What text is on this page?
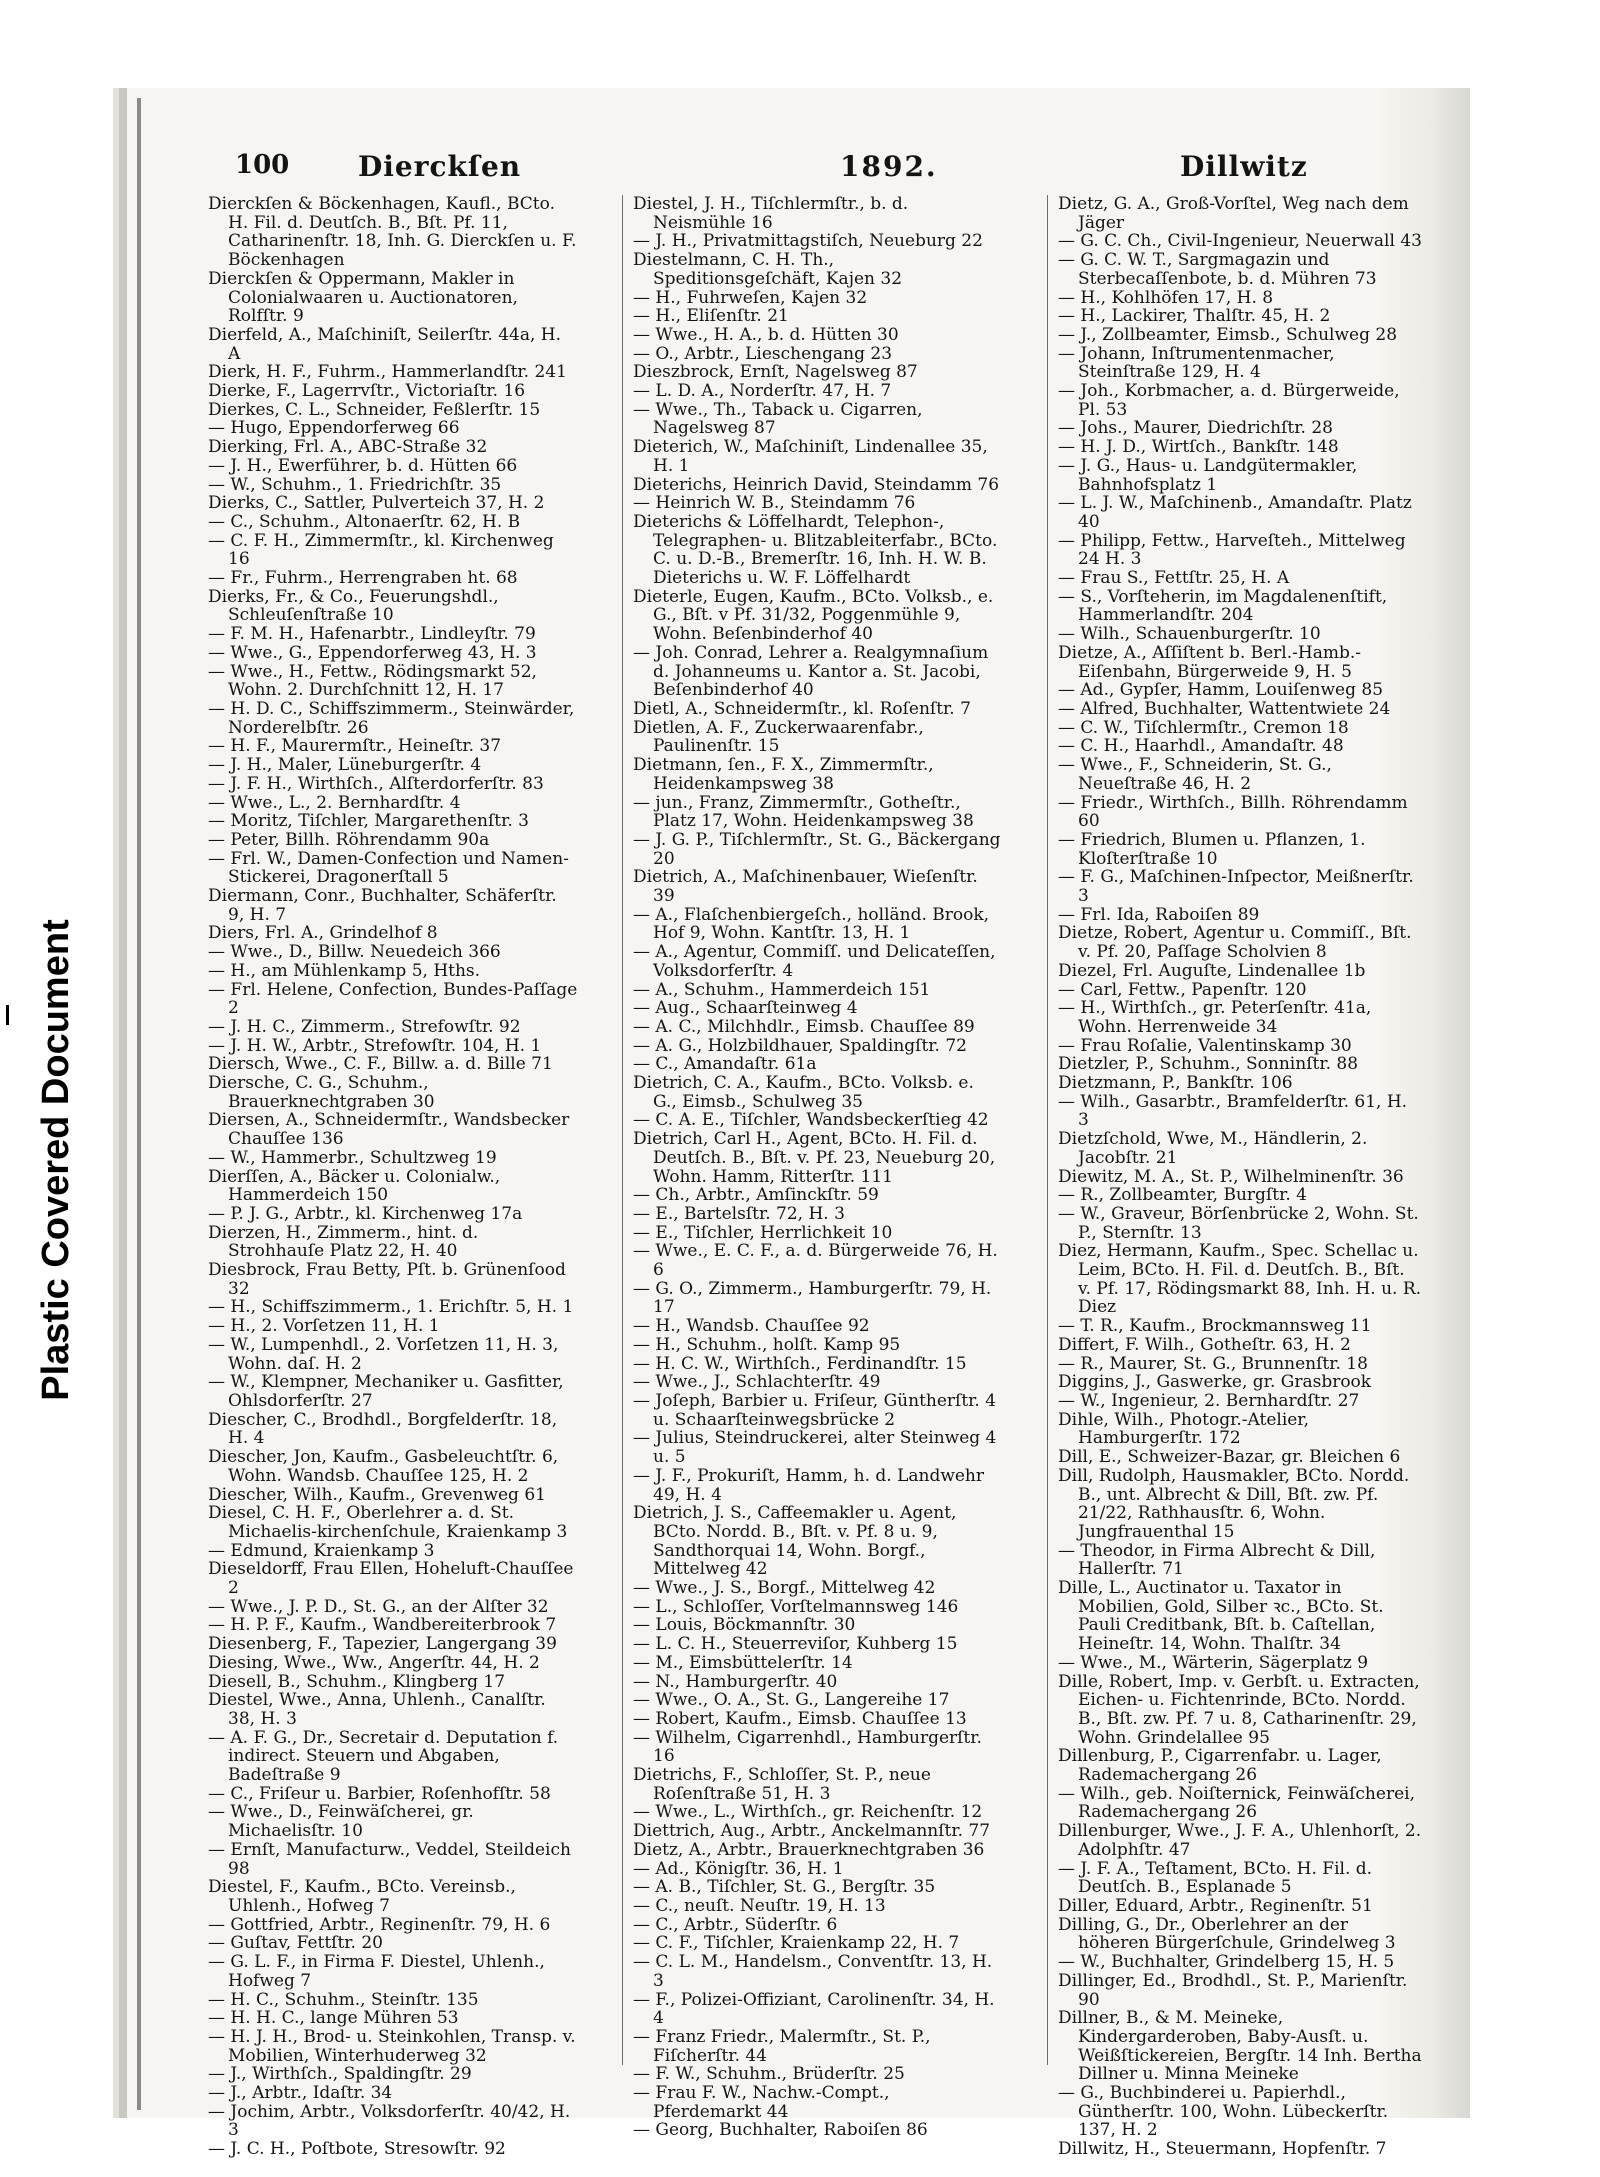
Plastic Covered Document
100 Dierckſen	1892.	Dillwitz

Dierckſen & Böckenhagen, Kaufl., BCto. H. Fil. d. Deutſch. B., Bſt. Pf. 11, Catharinenſtr. 18, Inh. G. Dierckſen u. F. Böckenhagen

Dierckſen & Oppermann, Makler in Colonialwaaren u. Auctionatoren, Rolfſtr. 9

Dierfeld, A., Maſchiniſt, Seilerſtr. 44a, H. A

Dierk, H. F., Fuhrm., Hammerlandſtr. 241

Dierke, F., Lagerrvſtr., Victoriaſtr. 16

Dierkes, C. L., Schneider, Feßlerſtr. 15

— Hugo, Eppendorferweg 66

Dierking, Frl. A., ABC-Straße 32

— J. H., Ewerführer, b. d. Hütten 66

— W., Schuhm., 1. Friedrichſtr. 35

Dierks, C., Sattler, Pulverteich 37, H. 2

— C., Schuhm., Altonaerſtr. 62, H. B

— C. F. H., Zimmermſtr., kl. Kirchenweg 16

— Fr., Fuhrm., Herrengraben ht. 68

Dierks, Fr., & Co., Feuerungshdl., Schleuſenſtraße 10

— F. M. H., Hafenarbtr., Lindleyſtr. 79

— Wwe., G., Eppendorferweg 43, H. 3

— Wwe., H., Fettw., Rödingsmarkt 52, Wohn. 2. Durchſchnitt 12, H. 17

— H. D. C., Schiffszimmerm., Steinwärder, Norderelbſtr. 26

— H. F., Maurermſtr., Heineſtr. 37

— J. H., Maler, Lüneburgerſtr. 4

— J. F. H., Wirthſch., Alſterdorferſtr. 83

— Wwe., L., 2. Bernhardſtr. 4

— Moritz, Tiſchler, Margarethenſtr. 3

— Peter, Billh. Röhrendamm 90a

— Frl. W., Damen-Confection und Namen-Stickerei, Dragonerſtall 5

Diermann, Conr., Buchhalter, Schäferſtr. 9, H. 7

Diers, Frl. A., Grindelhof 8

— Wwe., D., Billw. Neuedeich 366

— H., am Mühlenkamp 5, Hths.

— Frl. Helene, Confection, Bundes-Paſſage 2

— J. H. C., Zimmerm., Strefowſtr. 92

— J. H. W., Arbtr., Strefowſtr. 104, H. 1

Diersch, Wwe., C. F., Billw. a. d. Bille 71

Diersche, C. G., Schuhm., Brauerknechtgraben 30

Diersen, A., Schneidermſtr., Wandsbecker Chauſſee 136

— W., Hammerbr., Schultzweg 19

Dierſſen, A., Bäcker u. Colonialw., Hammerdeich 150

— P. J. G., Arbtr., kl. Kirchenweg 17a

Dierzen, H., Zimmerm., hint. d. Strohhauſe Platz 22, H. 40

Diesbrock, Frau Betty, Pſt. b. Grünenſood 32

— H., Schiffszimmerm., 1. Erichſtr. 5, H. 1

— H., 2. Vorſetzen 11, H. 1

— W., Lumpenhdl., 2. Vorſetzen 11, H. 3, Wohn. daſ. H. 2

— W., Klempner, Mechaniker u. Gasfitter, Ohlsdorferſtr. 27

Diescher, C., Brodhdl., Borgfelderſtr. 18, H. 4

Diescher, Jon, Kaufm., Gasbeleuchtſtr. 6, Wohn. Wandsb. Chauſſee 125, H. 2

Diescher, Wilh., Kaufm., Grevenweg 61

Diesel, C. H. F., Oberlehrer a. d. St. Michaelis-kirchenſchule, Kraienkamp 3

— Edmund, Kraienkamp 3

Dieseldorff, Frau Ellen, Hoheluft-Chauſſee 2

— Wwe., J. P. D., St. G., an der Alſter 32

— H. P. F., Kaufm., Wandbereiterbrook 7

Diesenberg, F., Tapezier, Langergang 39

Diesing, Wwe., Ww., Angerſtr. 44, H. 2

Diesell, B., Schuhm., Klingberg 17

Diestel, Wwe., Anna, Uhlenh., Canalſtr. 38, H. 3

— A. F. G., Dr., Secretair d. Deputation f. indirect. Steuern und Abgaben, Badeſtraße 9

— C., Friſeur u. Barbier, Roſenhofſtr. 58

— Wwe., D., Feinwäſcherei, gr. Michaelisſtr. 10

— Ernſt, Manufacturw., Veddel, Steildeich 98

Diestel, F., Kaufm., BCto. Vereinsb., Uhlenh., Hofweg 7

— Gottfried, Arbtr., Reginenſtr. 79, H. 6

— Guſtav, Fettſtr. 20

— G. L. F., in Firma F. Diestel, Uhlenh., Hofweg 7

— H. C., Schuhm., Steinſtr. 135

— H. H. C., lange Mühren 53

— H. J. H., Brod- u. Steinkohlen, Transp. v. Mobilien, Winterhuderweg 32

— J., Wirthſch., Spaldingſtr. 29

— J., Arbtr., Idaſtr. 34

— Jochim, Arbtr., Volksdorferſtr. 40/42, H. 3

— J. C. H., Poſtbote, Stresowſtr. 92

Diestel, J. H., Tiſchlermſtr., b. d. Neismühle 16

— J. H., Privatmittagstiſch, Neueburg 22

Diestelmann, C. H. Th., Speditionsgeſchäft, Kajen 32

— H., Fuhrweſen, Kajen 32

— H., Eliſenſtr. 21

— Wwe., H. A., b. d. Hütten 30

— O., Arbtr., Lieschengang 23

Dieszbrock, Ernſt, Nagelsweg 87

— L. D. A., Norderſtr. 47, H. 7

— Wwe., Th., Taback u. Cigarren, Nagelsweg 87

Dieterich, W., Maſchiniſt, Lindenallee 35, H. 1

Dieterichs, Heinrich David, Steindamm 76

— Heinrich W. B., Steindamm 76

Dieterichs & Löffelhardt, Telephon-, Telegraphen- u. Blitzableiterfabr., BCto. C. u. D.-B., Bremerſtr. 16, Inh. H. W. B. Dieterichs u. W. F. Löffelhardt

Dieterle, Eugen, Kaufm., BCto. Volksb., e. G., Bſt. v Pf. 31/32, Poggenmühle 9, Wohn. Beſenbinderhof 40

— Joh. Conrad, Lehrer a. Realgymnaſium d. Johanneums u. Kantor a. St. Jacobi, Beſenbinderhof 40

Dietl, A., Schneidermſtr., kl. Roſenſtr. 7

Dietlen, A. F., Zuckerwaarenfabr., Paulinenſtr. 15

Dietmann, ſen., F. X., Zimmermſtr., Heidenkampsweg 38

— jun., Franz, Zimmermſtr., Gotheſtr., Platz 17, Wohn. Heidenkampsweg 38

— J. G. P., Tiſchlermſtr., St. G., Bäckergang 20

Dietrich, A., Maſchinenbauer, Wieſenſtr. 39

— A., Flaſchenbiergeſch., holländ. Brook, Hof 9, Wohn. Kantſtr. 13, H. 1

— A., Agentur, Commiſſ. und Delicateſſen, Volksdorferſtr. 4

— A., Schuhm., Hammerdeich 151

— Aug., Schaarſteinweg 4

— A. C., Milchhdlr., Eimsb. Chauſſee 89

— A. G., Holzbildhauer, Spaldingſtr. 72

— C., Amandaſtr. 61a

Dietrich, C. A., Kaufm., BCto. Volksb. e. G., Eimsb., Schulweg 35

— C. A. E., Tiſchler, Wandsbeckerſtieg 42

Dietrich, Carl H., Agent, BCto. H. Fil. d. Deutſch. B., Bſt. v. Pf. 23, Neueburg 20, Wohn. Hamm, Ritterſtr. 111

— Ch., Arbtr., Amſinckſtr. 59

— E., Bartelsſtr. 72, H. 3

— E., Tiſchler, Herrlichkeit 10

— Wwe., E. C. F., a. d. Bürgerweide 76, H. 6

— G. O., Zimmerm., Hamburgerſtr. 79, H. 17

— H., Wandsb. Chauſſee 92

— H., Schuhm., holſt. Kamp 95

— H. C. W., Wirthſch., Ferdinandſtr. 15

— Wwe., J., Schlachterſtr. 49

— Joſeph, Barbier u. Friſeur, Güntherſtr. 4 u. Schaarſteinwegsbrücke 2

— Julius, Steindruckerei, alter Steinweg 4 u. 5

— J. F., Prokuriſt, Hamm, h. d. Landwehr 49, H. 4

Dietrich, J. S., Caffeemakler u. Agent, BCto. Nordd. B., Bſt. v. Pf. 8 u. 9, Sandthorquai 14, Wohn. Borgf., Mittelweg 42

— Wwe., J. S., Borgf., Mittelweg 42

— L., Schloſſer, Vorſtelmannsweg 146

— Louis, Böckmannſtr. 30

— L. C. H., Steuerreviſor, Kuhberg 15

— M., Eimsbüttelerſtr. 14

— N., Hamburgerſtr. 40

— Wwe., O. A., St. G., Langereihe 17

— Robert, Kaufm., Eimsb. Chauſſee 13

— Wilhelm, Cigarrenhdl., Hamburgerſtr. 16

Dietrichs, F., Schloſſer, St. P., neue Roſenſtraße 51, H. 3

— Wwe., L., Wirthſch., gr. Reichenſtr. 12

Diettrich, Aug., Arbtr., Anckelmannſtr. 77

Dietz, A., Arbtr., Brauerknechtgraben 36

— Ad., Königſtr. 36, H. 1

— A. B., Tiſchler, St. G., Bergſtr. 35

— C., neuſt. Neuſtr. 19, H. 13

— C., Arbtr., Süderſtr. 6

— C. F., Tiſchler, Kraienkamp 22, H. 7

— C. L. M., Handelsm., Conventſtr. 13, H. 3

— F., Polizei-Offiziant, Carolinenſtr. 34, H. 4

— Franz Friedr., Malermſtr., St. P., Fiſcherſtr. 44

— F. W., Schuhm., Brüderſtr. 25

— Frau F. W., Nachw.-Compt., Pferdemarkt 44

— Georg, Buchhalter, Raboiſen 86

Dietz, G. A., Groß-Vorſtel, Weg nach dem Jäger

— G. C. Ch., Civil-Ingenieur, Neuerwall 43

— G. C. W. T., Sargmagazin und Sterbecaſſenbote, b. d. Mühren 73

— H., Kohlhöfen 17, H. 8

— H., Lackirer, Thalſtr. 45, H. 2

— J., Zollbeamter, Eimsb., Schulweg 28

— Johann, Inſtrumentenmacher, Steinſtraße 129, H. 4

— Joh., Korbmacher, a. d. Bürgerweide, Pl. 53

— Johs., Maurer, Diedrichſtr. 28

— H. J. D., Wirtſch., Bankſtr. 148

— J. G., Haus- u. Landgütermakler, Bahnhofsplatz 1

— L. J. W., Maſchinenb., Amandaſtr. Platz 40

— Philipp, Fettw., Harveſteh., Mittelweg 24 H. 3

— Frau S., Fettſtr. 25, H. A

— S., Vorſteherin, im Magdalenenſtift, Hammerlandſtr. 204

— Wilh., Schauenburgerſtr. 10

Dietze, A., Aſſiſtent b. Berl.-Hamb.-Eiſenbahn, Bürgerweide 9, H. 5

— Ad., Gypſer, Hamm, Louiſenweg 85

— Alfred, Buchhalter, Wattentwiete 24

— C. W., Tiſchlermſtr., Cremon 18

— C. H., Haarhdl., Amandaſtr. 48

— Wwe., F., Schneiderin, St. G., Neueſtraße 46, H. 2

— Friedr., Wirthſch., Billh. Röhrendamm 60

— Friedrich, Blumen u. Pflanzen, 1. Kloſterſtraße 10

— F. G., Maſchinen-Inſpector, Meißnerſtr. 3

— Frl. Ida, Raboiſen 89

Dietze, Robert, Agentur u. Commiſſ., Bſt. v. Pf. 20, Paſſage Scholvien 8

Diezel, Frl. Auguſte, Lindenallee 1b

— Carl, Fettw., Papenſtr. 120

— H., Wirthſch., gr. Peterſenſtr. 41a, Wohn. Herrenweide 34

— Frau Roſalie, Valentinskamp 30

Dietzler, P., Schuhm., Sonninſtr. 88

Dietzmann, P., Bankſtr. 106

— Wilh., Gasarbtr., Bramfelderſtr. 61, H. 3

Dietzſchold, Wwe, M., Händlerin, 2. Jacobſtr. 21

Diewitz, M. A., St. P., Wilhelminenſtr. 36

— R., Zollbeamter, Burgſtr. 4

— W., Graveur, Börſenbrücke 2, Wohn. St. P., Sternſtr. 13

Diez, Hermann, Kaufm., Spec. Schellac u. Leim, BCto. H. Fil. d. Deutſch. B., Bſt. v. Pf. 17, Rödingsmarkt 88, Inh. H. u. R. Diez

— T. R., Kaufm., Brockmannsweg 11

Differt, F. Wilh., Gotheſtr. 63, H. 2

— R., Maurer, St. G., Brunnenſtr. 18

Diggins, J., Gaswerke, gr. Grasbrook

— W., Ingenieur, 2. Bernhardſtr. 27

Dihle, Wilh., Photogr.-Atelier, Hamburgerſtr. 172

Dill, E., Schweizer-Bazar, gr. Bleichen 6

Dill, Rudolph, Hausmakler, BCto. Nordd. B., unt. Albrecht & Dill, Bſt. zw. Pf. 21/22, Rathhausſtr. 6, Wohn. Jungfrauenthal 15

— Theodor, in Firma Albrecht & Dill, Hallerſtr. 71

Dille, L., Auctinator u. Taxator in Mobilien, Gold, Silber ꝛc., BCto. St. Pauli Creditbank, Bſt. b. Caſtellan, Heineſtr. 14, Wohn. Thalſtr. 34

— Wwe., M., Wärterin, Sägerplatz 9

Dille, Robert, Imp. v. Gerbſt. u. Extracten, Eichen- u. Fichtenrinde, BCto. Nordd. B., Bſt. zw. Pf. 7 u. 8, Catharinenſtr. 29, Wohn. Grindelallee 95

Dillenburg, P., Cigarrenfabr. u. Lager, Rademachergang 26

— Wilh., geb. Noiſternick, Feinwäſcherei, Rademachergang 26

Dillenburger, Wwe., J. F. A., Uhlenhorſt, 2. Adolphſtr. 47

— J. F. A., Teſtament, BCto. H. Fil. d. Deutſch. B., Esplanade 5

Diller, Eduard, Arbtr., Reginenſtr. 51

Dilling, G., Dr., Oberlehrer an der höheren Bürgerſchule, Grindelweg 3

— W., Buchhalter, Grindelberg 15, H. 5

Dillinger, Ed., Brodhdl., St. P., Marienſtr. 90

Dillner, B., & M. Meineke, Kindergarderoben, Baby-Ausſt. u. Weißſtickereien, Bergſtr. 14 Inh. Bertha Dillner u. Minna Meineke

— G., Buchbinderei u. Papierhdl., Güntherſtr. 100, Wohn. Lübeckerſtr. 137, H. 2

Dillwitz, H., Steuermann, Hopfenſtr. 7
